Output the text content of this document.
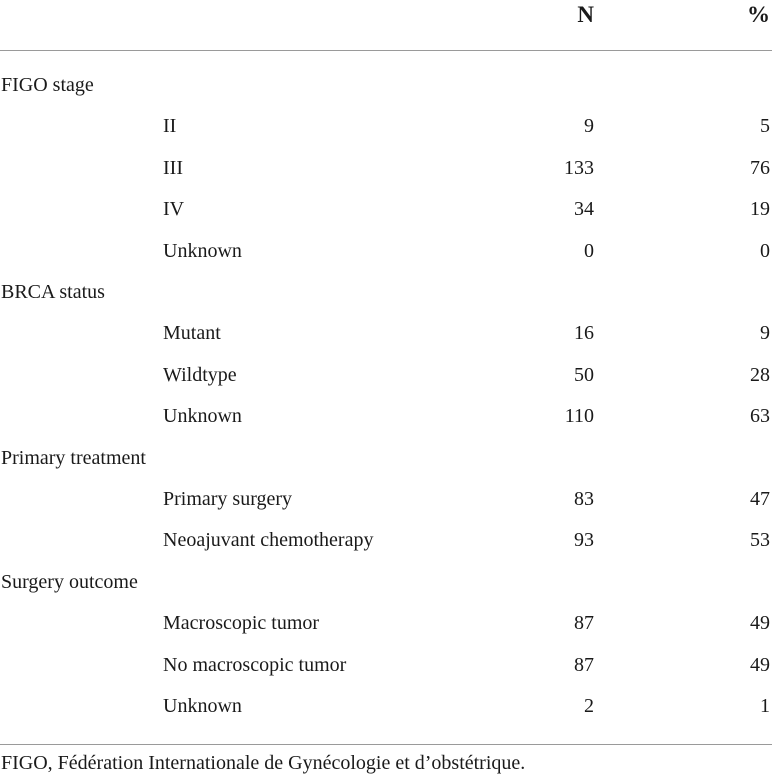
N	%
FIGO stage
II	9	5
III	133	76
IV	34	19
Unknown	0	0
BRCA status
Mutant	16	9
Wildtype	50	28
Unknown	110	63
Primary treatment
Primary surgery	83	47
Neoajuvant chemotherapy	93	53
Surgery outcome
Macroscopic tumor	87	49
No macroscopic tumor	87	49
Unknown	2	1
FIGO, Fédération Internationale de Gynécologie et d’obstétrique.
